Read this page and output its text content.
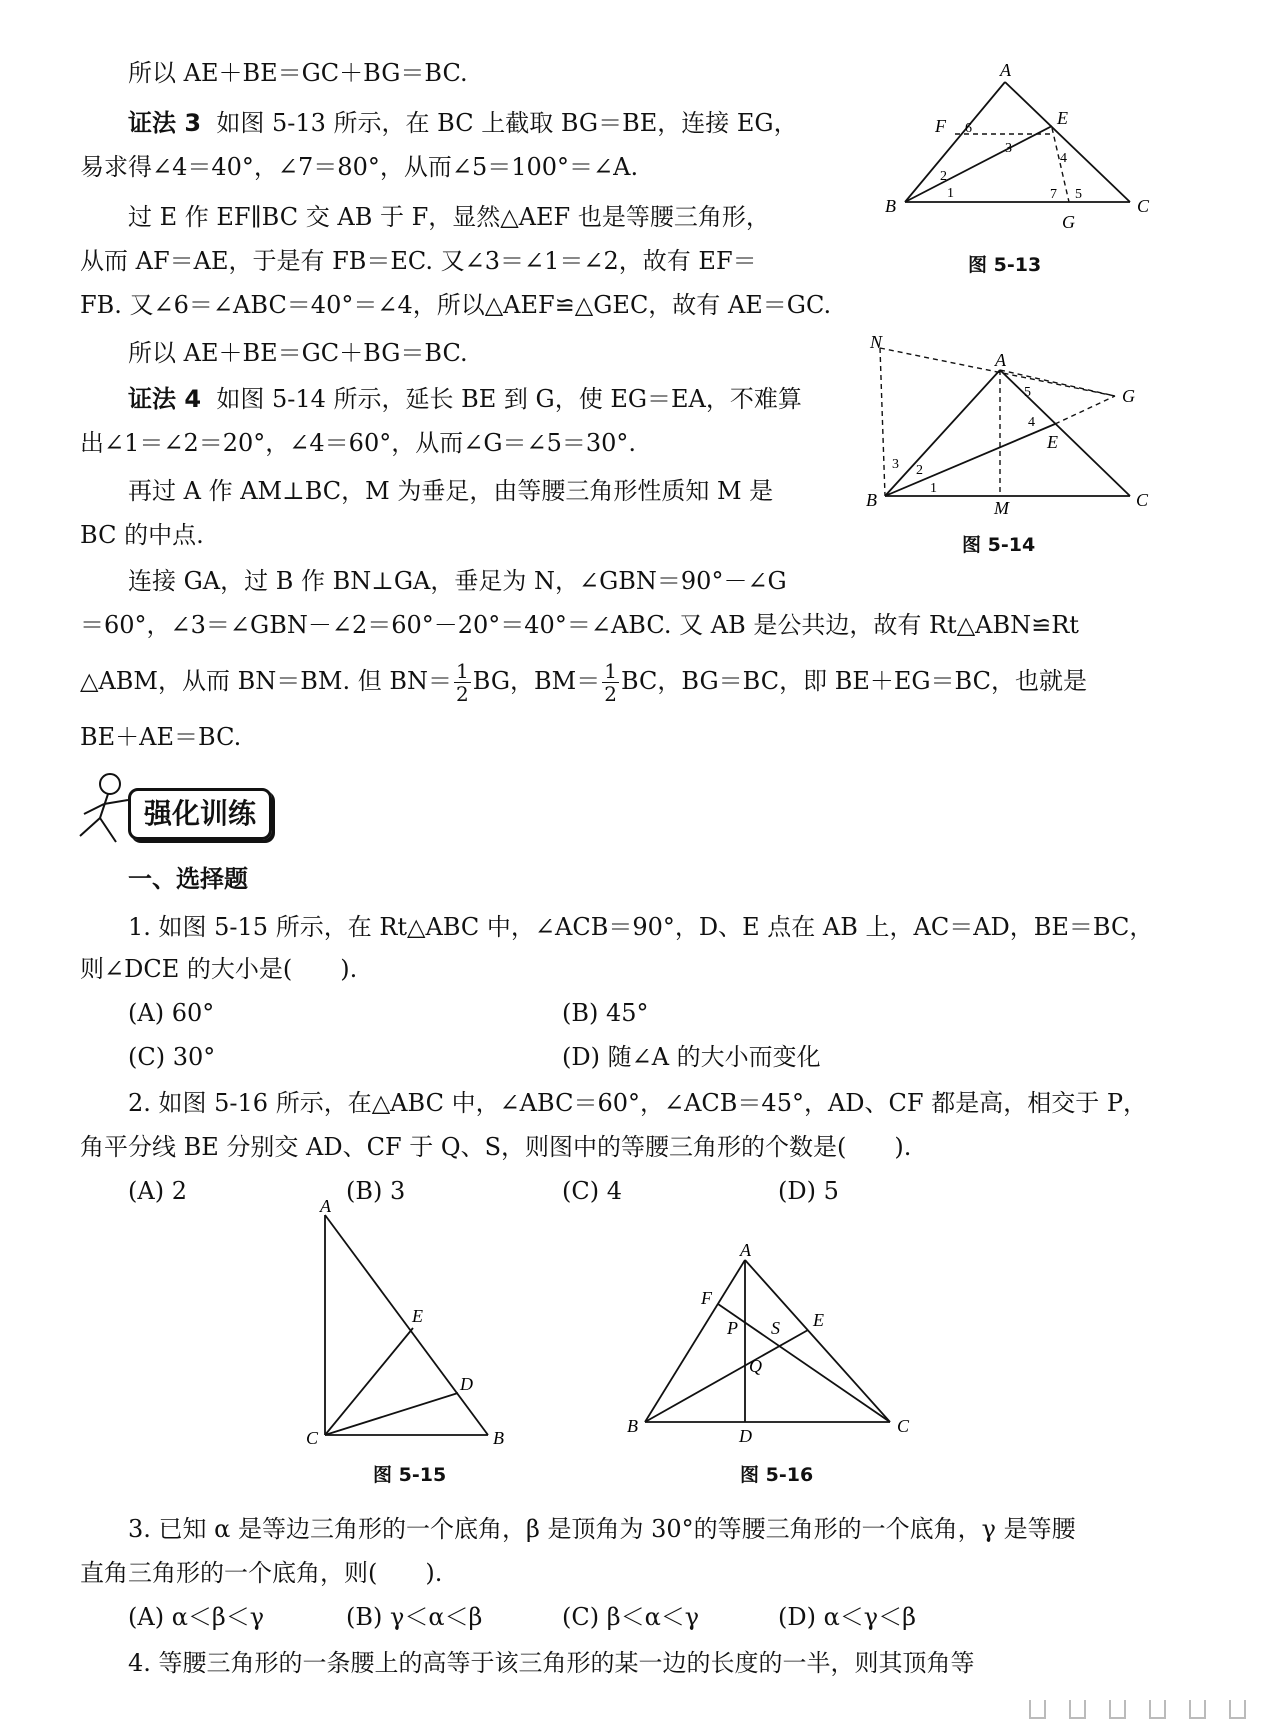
所以 AE＋BE＝GC＋BG＝BC.
证法 3 如图 5-13 所示，在 BC 上截取 BG＝BE，连接 EG，
易求得∠4＝40°，∠7＝80°，从而∠5＝100°＝∠A.
过 E 作 EF∥BC 交 AB 于 F，显然△AEF 也是等腰三角形，
从而 AF＝AE，于是有 FB＝EC. 又∠3＝∠1＝∠2，故有 EF＝
FB. 又∠6＝∠ABC＝40°＝∠4，所以△AEF≌△GEC，故有 AE＝GC.
所以 AE＋BE＝GC＋BG＝BC.
证法 4 如图 5-14 所示，延长 BE 到 G，使 EG＝EA，不难算
出∠1＝∠2＝20°，∠4＝60°，从而∠G＝∠5＝30°.
再过 A 作 AM⊥BC，M 为垂足，由等腰三角形性质知 M 是
BC 的中点.
连接 GA，过 B 作 BN⊥GA，垂足为 N，∠GBN＝90°－∠G
＝60°，∠3＝∠GBN－∠2＝60°－20°＝40°＝∠ABC. 又 AB 是公共边，故有 Rt△ABN≌Rt
△ABM，从而 BN＝BM. 但 $BN= \frac{1}{2}$ BG，$BM= \frac{1}{2}$ BC，BG＝BC，即 BE＋EG＝BC，也就是
BE＋AE＝BC.
强化训练
一、选择题
1. 如图 5-15 所示，在 Rt△ABC 中，∠ACB＝90°，D、E 点在 AB 上，AC＝AD，BE＝BC，
则∠DCE 的大小是(　　).
(A) 60°	(B) 45°
(C) 30°	(D) 随∠A 的大小而变化
2. 如图 5-16 所示，在△ABC 中，∠ABC＝60°，∠ACB＝45°，AD、CF 都是高，相交于 P，
角平分线 BE 分别交 AD、CF 于 Q、S，则图中的等腰三角形的个数是(　　).
(A) 2	(B) 3	(C) 4	(D) 5
3. 已知 α 是等边三角形的一个底角，β 是顶角为 30°的等腰三角形的一个底角，γ 是等腰
直角三角形的一个底角，则(　　).
(A) α＜β＜γ	(B) γ＜α＜β	(C) β＜α＜γ	(D) α＜γ＜β
4. 等腰三角形的一条腰上的高等于该三角形的某一边的长度的一半，则其顶角等
A
E
F
B	C
G
1
2
3
4
5
6
7
图 5-13
N
A
G
E
B	M	C
1
2
3
4
5
图 5-14
A
E
D
C	B
图 5-15
A
F
E
P S
Q
B	D	C
图 5-16
